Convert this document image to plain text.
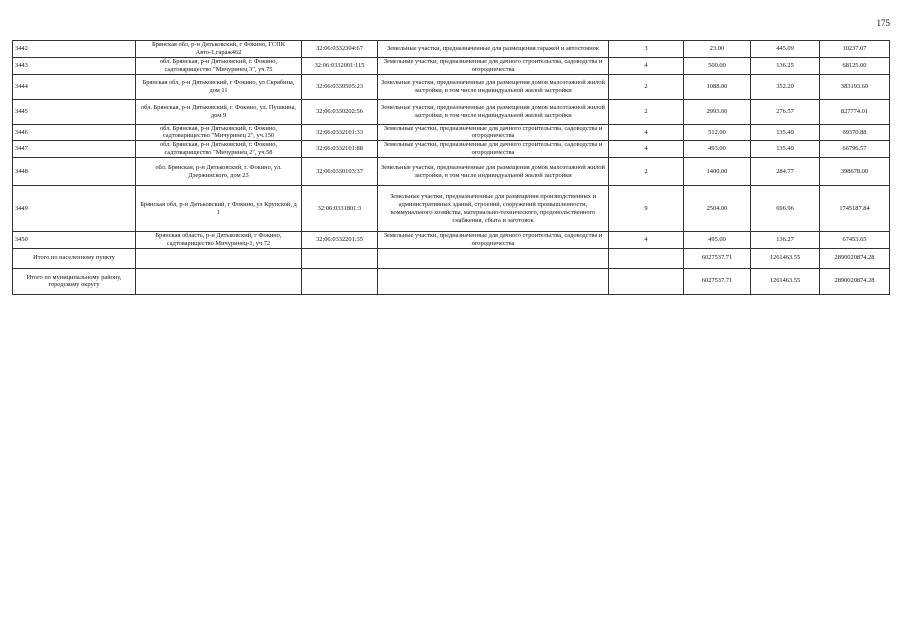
175
3442	Брянская обл, р-н Дятьковский, г Фокино, ГСПК Авто-1,гараж462	32:06:0332304:67	Земельные участки, предназначенные для размещения гаражей и автостоянок	3	23.00	445.09	10237.07
3443	обл. Брянская, р-н Дятьковский, г. Фокино, садтоварищество "Мичуринец 3", уч.75	32:06:0332001:115	Земельные участки, предназначенные для дачного строительства, садоводства и огородничества	4	500.00	136.25	68125.00
3444	Брянская обл, р-н Дятьковский, г Фокино, ул Скрябина, дом 11	32:06:0330505:23	Земельные участки, предназначенные для размещения домов малоэтажной жилой застройки, в том числе индивидуальной жилой застройки	2	1088.00	352.20	383193.60
3445	обл. Брянская, р-н Дятьковский, г. Фокино, ул. Пушкина, дом 9	32:06:0330202:56	Земельные участки, предназначенные для размещения домов малоэтажной жилой застройки, в том числе индивидуальной жилой застройки	2	2993.00	276.57	827774.01
3446	обл. Брянская, р-н Дятьковский, г. Фокино, садтоварищество "Мичуринец 2", уч.150	32:06:0332101:33	Земельные участки, предназначенные для дачного строительства, садоводства и огородничества	4	512.00	135.49	69370.88
3447	обл. Брянская, р-н Дятьковский, г. Фокино, садтоварищество "Мичуринец 2", уч.58	32:06:0332101:88	Земельные участки, предназначенные для дачного строительства, садоводства и огородничества	4	493.00	135.49	66796.57
3448	обл. Брянская, р-н Дятьковский, г. Фокино, ул. Дзержинского, дом 23	32:06:0330103:37	Земельные участки, предназначенные для размещения домов малоэтажной жилой застройки, в том числе индивидуальной жилой застройки	2	1400.00	284.77	398678.00
3449	Брянская обл, р-н Дятьковский, г Фокино, ул Крупской, д 1	32:06:0331801:3	Земельные участки, предназначенные для размещения производственных и административных зданий, строений, сооружений промышленности, коммунального хозяйства, материально-технического, продовольственного снабжения, сбыта и заготовок	9	2504.00	696.96	1745187.84
3450	Брянская область, р-н Дятьковский, г Фокино, садтоварищество Мичуринец-1, уч 72	32:06:0332201:35	Земельные участки, предназначенные для дачного строительства, садоводства и огородничества	4	495.00	136.27	67453.65
Итого по населенному пункту					6027537.71	1261463.55	2890020874.28
Итого по муниципальному району, городскому округу					6027537.71	1261463.55	2890020874.28
